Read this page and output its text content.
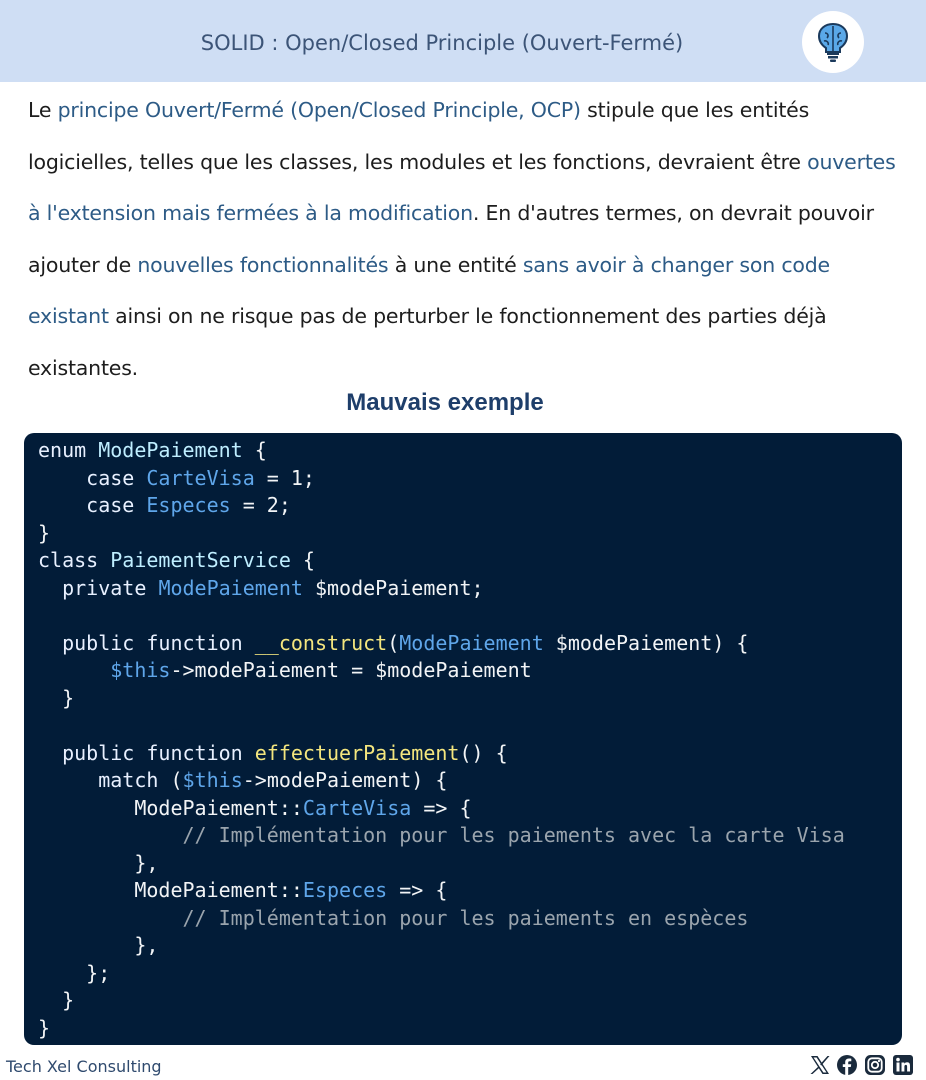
SOLID : Open/Closed Principle (Ouvert-Fermé)

Le principe Ouvert/Fermé (Open/Closed Principle, OCP) stipule que les entités logicielles, telles que les classes, les modules et les fonctions, devraient être ouvertes à l'extension mais fermées à la modification. En d'autres termes, on devrait pouvoir ajouter de nouvelles fonctionnalités à une entité sans avoir à changer son code existant ainsi on ne risque pas de perturber le fonctionnement des parties déjà existantes.

Mauvais exemple
enum ModePaiement {
case CarteVisa = 1;
case Especes = 2;
}
class PaiementService {
private ModePaiement $modePaiement;
public function __construct(ModePaiement $modePaiement) {
$this->modePaiement = $modePaiement
}
public function effectuerPaiement() {
match ($this->modePaiement) {
ModePaiement::CarteVisa => {
// Implémentation pour les paiements avec la carte Visa
},
ModePaiement::Especes => {
// Implémentation pour les paiements en espèces
},
};
}
}
Tech Xel Consulting
